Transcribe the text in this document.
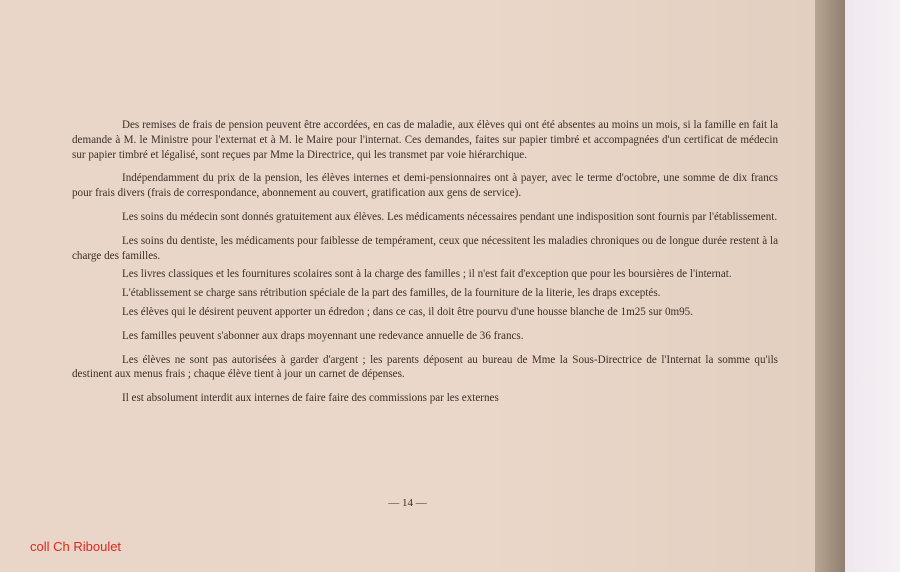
Des remises de frais de pension peuvent être accordées, en cas de maladie, aux élèves qui ont été absentes au moins un mois, si la famille en fait la demande à M. le Ministre pour l'externat et à M. le Maire pour l'internat. Ces demandes, faites sur papier timbré et accompagnées d'un certificat de médecin sur papier timbré et légalisé, sont reçues par Mme la Directrice, qui les transmet par voie hiérarchique.

Indépendamment du prix de la pension, les élèves internes et demi-pensionnaires ont à payer, avec le terme d'octobre, une somme de dix francs pour frais divers (frais de correspondance, abonnement au couvert, gratification aux gens de service).

Les soins du médecin sont donnés gratuitement aux élèves. Les médicaments nécessaires pendant une indisposition sont fournis par l'établissement.

Les soins du dentiste, les médicaments pour faiblesse de tempérament, ceux que nécessitent les maladies chroniques ou de longue durée restent à la charge des familles.

Les livres classiques et les fournitures scolaires sont à la charge des familles ; il n'est fait d'exception que pour les boursières de l'internat.

L'établissement se charge sans rétribution spéciale de la part des familles, de la fourniture de la literie, les draps exceptés.

Les élèves qui le désirent peuvent apporter un édredon ; dans ce cas, il doit être pourvu d'une housse blanche de 1m25 sur 0m95.

Les familles peuvent s'abonner aux draps moyennant une redevance annuelle de 36 francs.

Les élèves ne sont pas autorisées à garder d'argent ; les parents déposent au bureau de Mme la Sous-Directrice de l'Internat la somme qu'ils destinent aux menus frais ; chaque élève tient à jour un carnet de dépenses.

Il est absolument interdit aux internes de faire faire des commissions par les externes

— 14 —
coll Ch Riboulet
